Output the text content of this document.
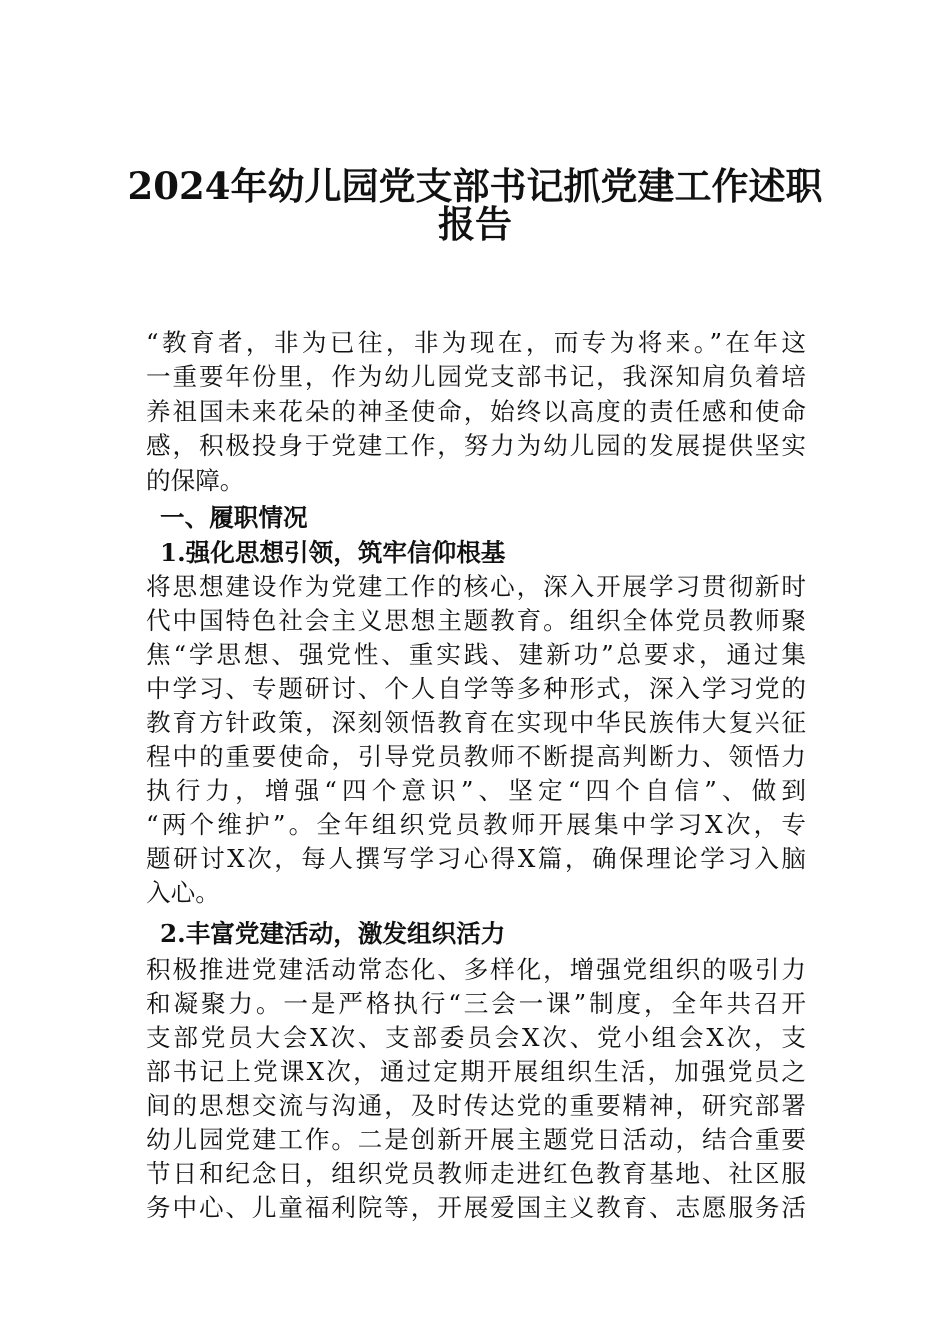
2024年幼儿园党支部书记抓党建工作述职
报告
“教育者，非为已往，非为现在，而专为将来。”在年这
一重要年份里，作为幼儿园党支部书记，我深知肩负着培
养祖国未来花朵的神圣使命，始终以高度的责任感和使命
感，积极投身于党建工作，努力为幼儿园的发展提供坚实
的保障。
一、履职情况
1.强化思想引领，筑牢信仰根基
将思想建设作为党建工作的核心，深入开展学习贯彻新时
代中国特色社会主义思想主题教育。组织全体党员教师聚
焦“学思想、强党性、重实践、建新功”总要求，通过集
中学习、专题研讨、个人自学等多种形式，深入学习党的
教育方针政策，深刻领悟教育在实现中华民族伟大复兴征
程中的重要使命，引导党员教师不断提高判断力、领悟力
执行力，增强“四个意识”、坚定“四个自信”、做到
“两个维护”。全年组织党员教师开展集中学习X次，专
题研讨X次，每人撰写学习心得X篇，确保理论学习入脑
入心。
2.丰富党建活动，激发组织活力
积极推进党建活动常态化、多样化，增强党组织的吸引力
和凝聚力。一是严格执行“三会一课”制度，全年共召开
支部党员大会X次、支部委员会X次、党小组会X次，支
部书记上党课X次，通过定期开展组织生活，加强党员之
间的思想交流与沟通，及时传达党的重要精神，研究部署
幼儿园党建工作。二是创新开展主题党日活动，结合重要
节日和纪念日，组织党员教师走进红色教育基地、社区服
务中心、儿童福利院等，开展爱国主义教育、志愿服务活
